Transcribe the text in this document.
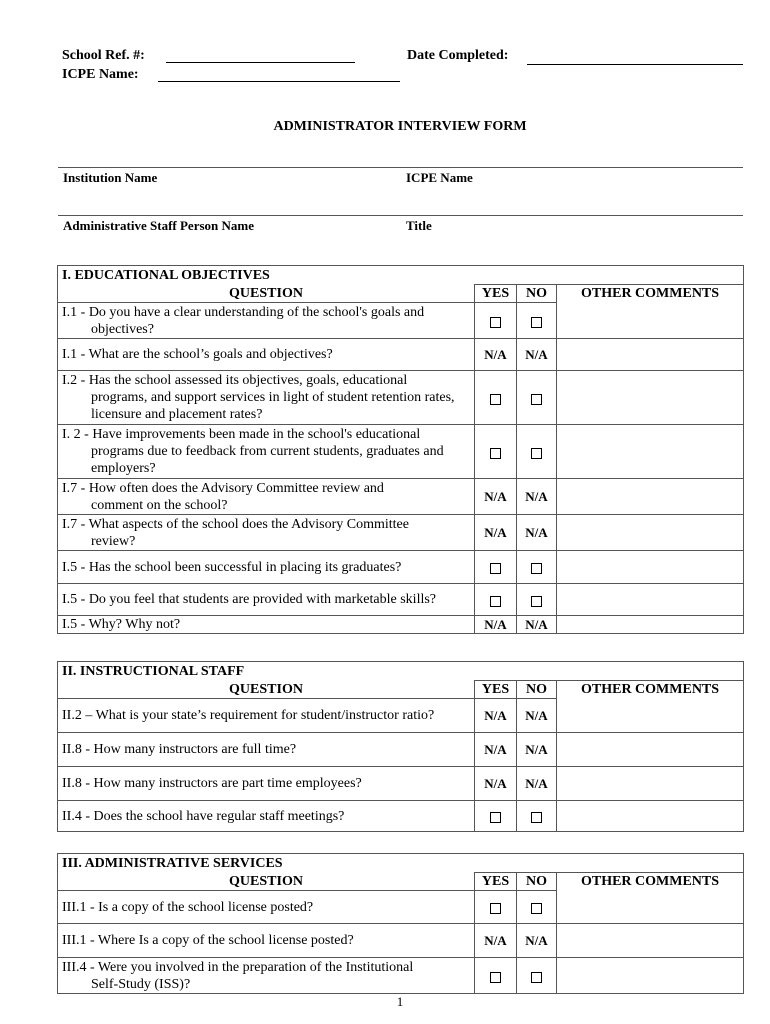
School Ref. #:
ICPE Name:
Date Completed:
ADMINISTRATOR INTERVIEW FORM
Institution Name	ICPE Name
Administrative Staff Person Name	Title
I. EDUCATIONAL OBJECTIVES			
QUESTION	YES	NO	OTHER COMMENTS
I.1 - Do you have a clear understanding of the school's goals and
objectives?			

I.1 - What are the school’s goals and objectives?	N/A	N/A	
I.2 - Has the school assessed its objectives, goals, educational
programs, and support services in light of student retention rates, licensure and placement rates?			

I. 2 - Have improvements been made in the school's educational
programs due to feedback from current students, graduates and employers?			

I.7 - How often does the Advisory Committee review and
comment on the school?	N/A	N/A	
I.7 - What aspects of the school does the Advisory Committee
review?	N/A	N/A	
I.5 - Has the school been successful in placing its graduates?			
I.5 - Do you feel that students are provided with marketable skills?			
I.5 - Why? Why not?	N/A	N/A	
II. INSTRUCTIONAL STAFF			
QUESTION	YES	NO	OTHER COMMENTS
II.2 – What is your state’s requirement for student/instructor ratio?	N/A	N/A	
II.8 - How many instructors are full time?	N/A	N/A	
II.8 - How many instructors are part time employees?	N/A	N/A	
II.4 - Does the school have regular staff meetings?			
III. ADMINISTRATIVE SERVICES			
QUESTION	YES	NO	OTHER COMMENTS
III.1 - Is a copy of the school license posted?			
III.1 - Where Is a copy of the school license posted?	N/A	N/A	
III.4 - Were you involved in the preparation of the Institutional
Self-Study (ISS)?			

1
